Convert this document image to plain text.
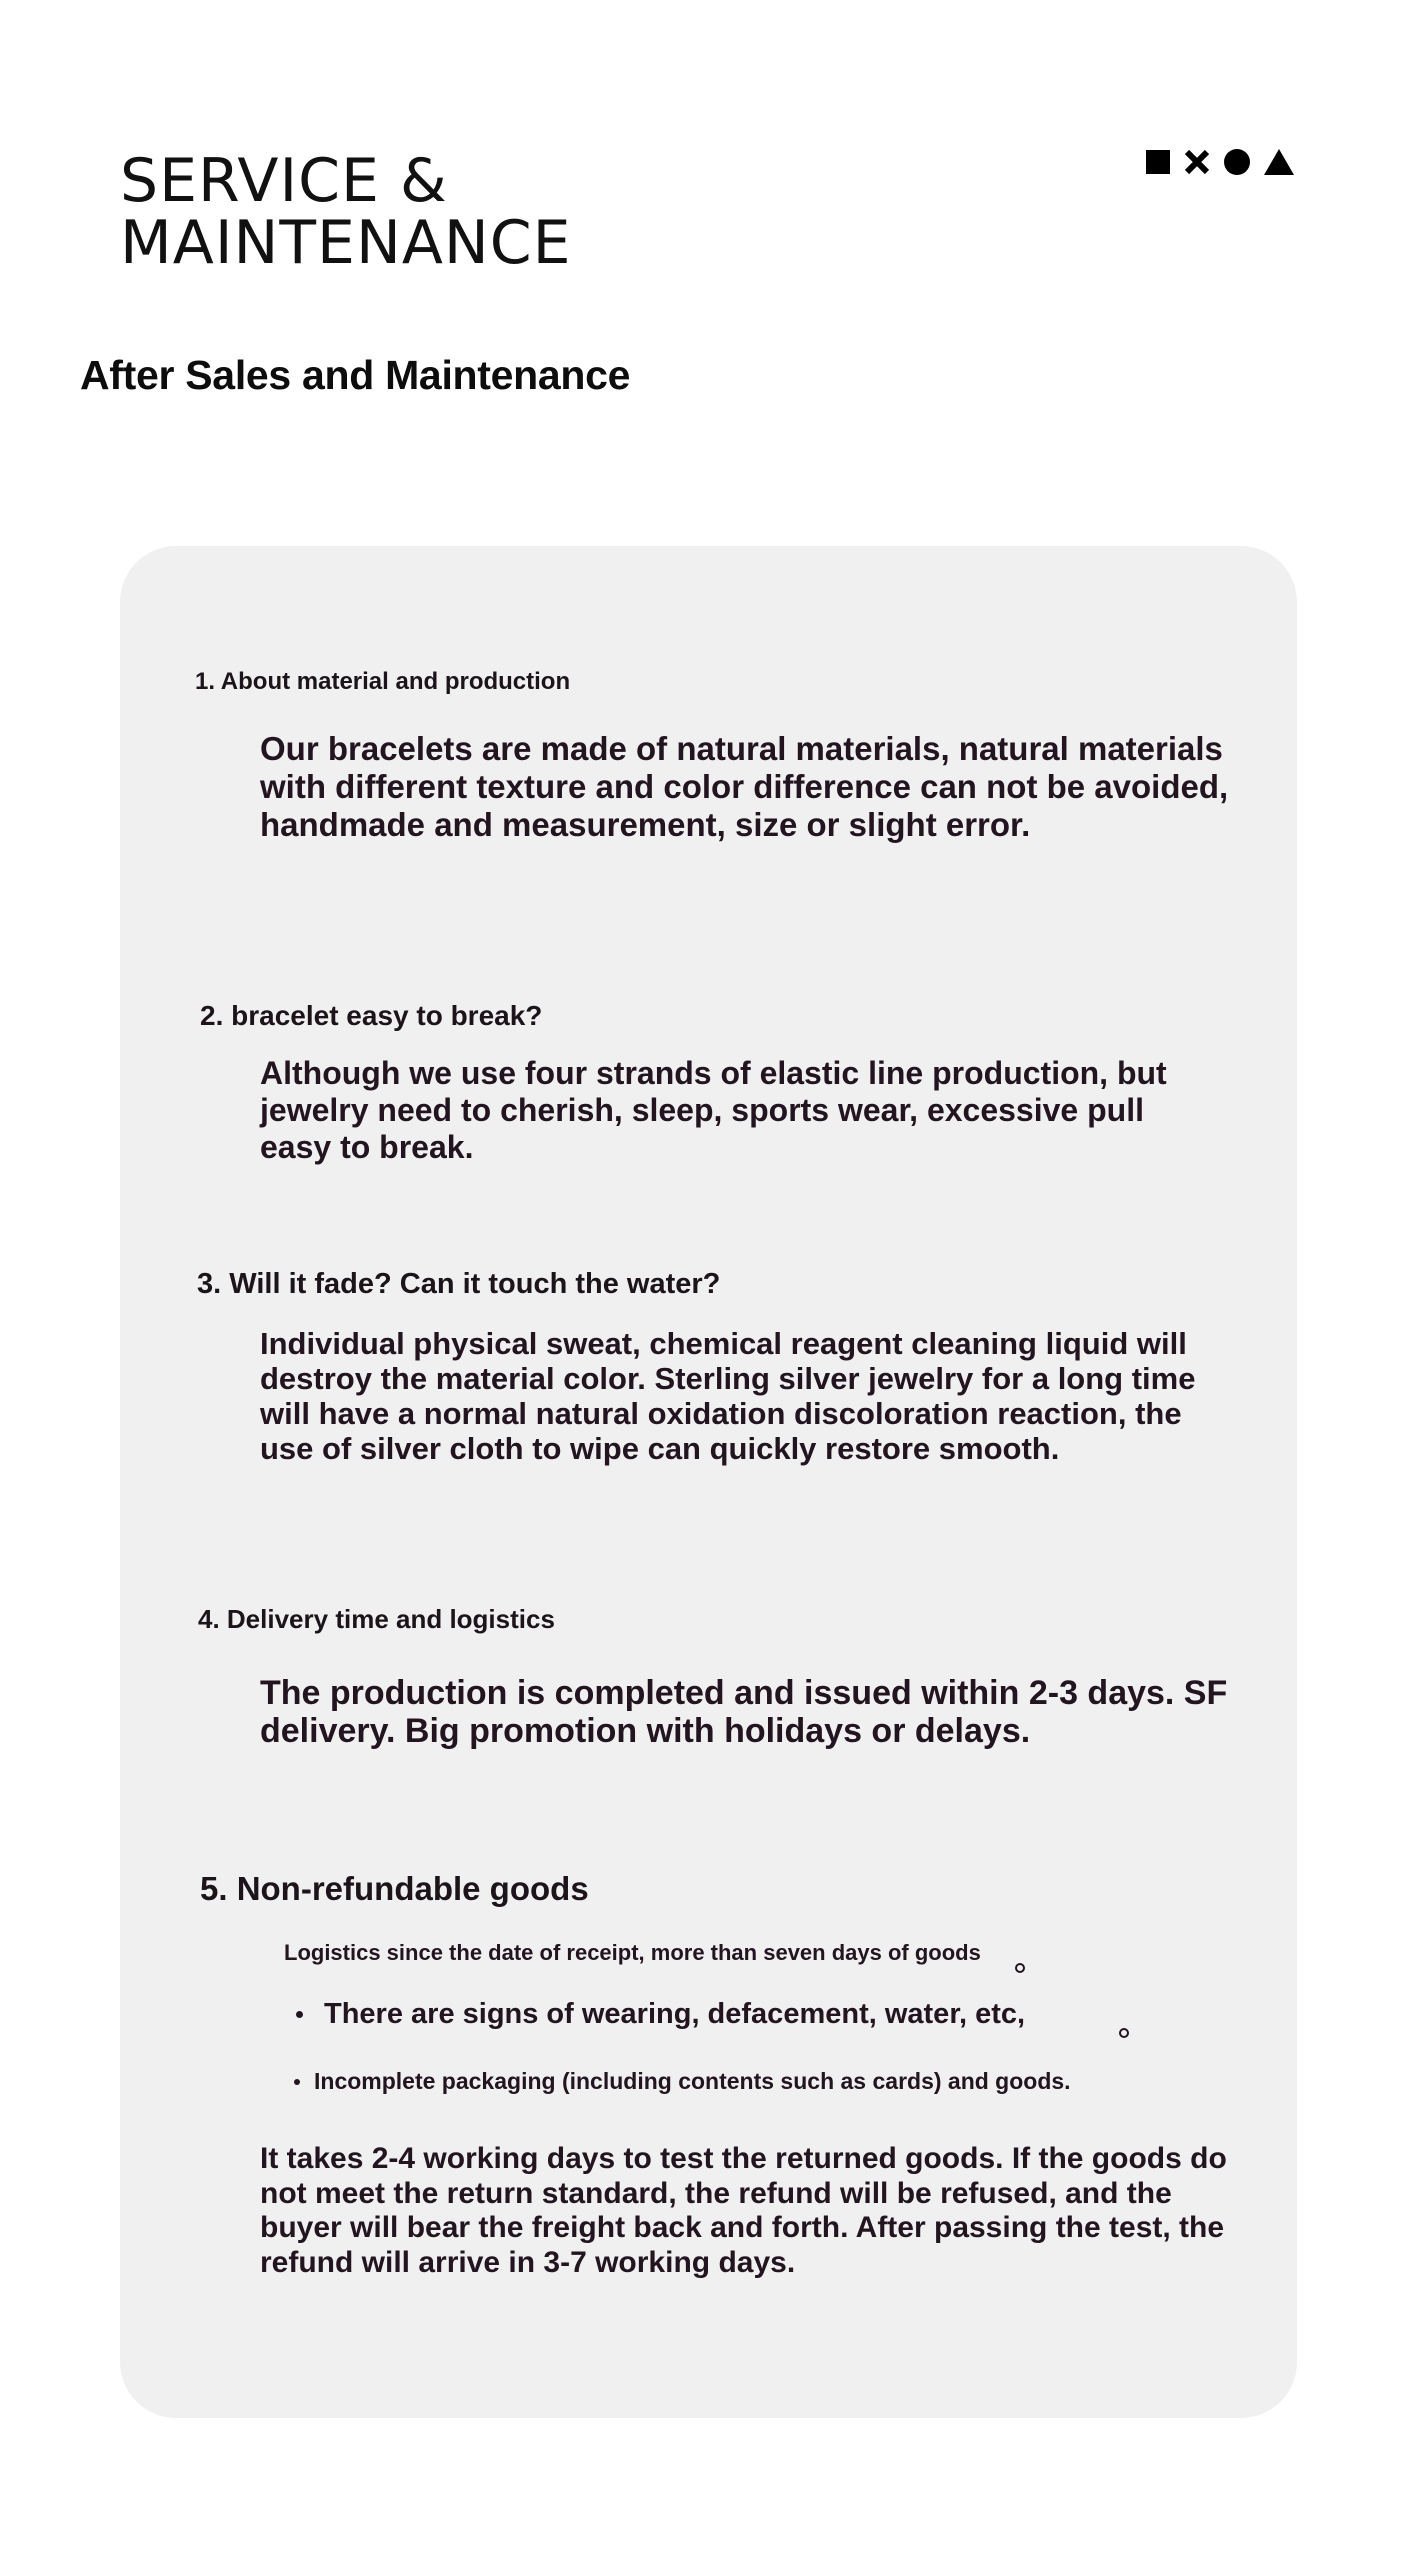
SERVICE &
MAINTENANCE
After Sales and Maintenance
1. About material and production

Our bracelets are made of natural materials, natural materials with different texture and color difference can not be avoided, handmade and measurement, size or slight error.

2. bracelet easy to break?

Although we use four strands of elastic line production, but jewelry need to cherish, sleep, sports wear, excessive pull easy to break.

3. Will it fade? Can it touch the water?

Individual physical sweat, chemical reagent cleaning liquid will destroy the material color. Sterling silver jewelry for a long time will have a normal natural oxidation discoloration reaction, the use of silver cloth to wipe can quickly restore smooth.

4. Delivery time and logistics

The production is completed and issued within 2-3 days. SF delivery. Big promotion with holidays or delays.

5. Non-refundable goods
Logistics since the date of receipt, more than seven days of goods
There are signs of wearing, defacement, water, etc,
Incomplete packaging (including contents such as cards) and goods.

It takes 2-4 working days to test the returned goods. If the goods do not meet the return standard, the refund will be refused, and the buyer will bear the freight back and forth. After passing the test, the refund will arrive in 3-7 working days.
